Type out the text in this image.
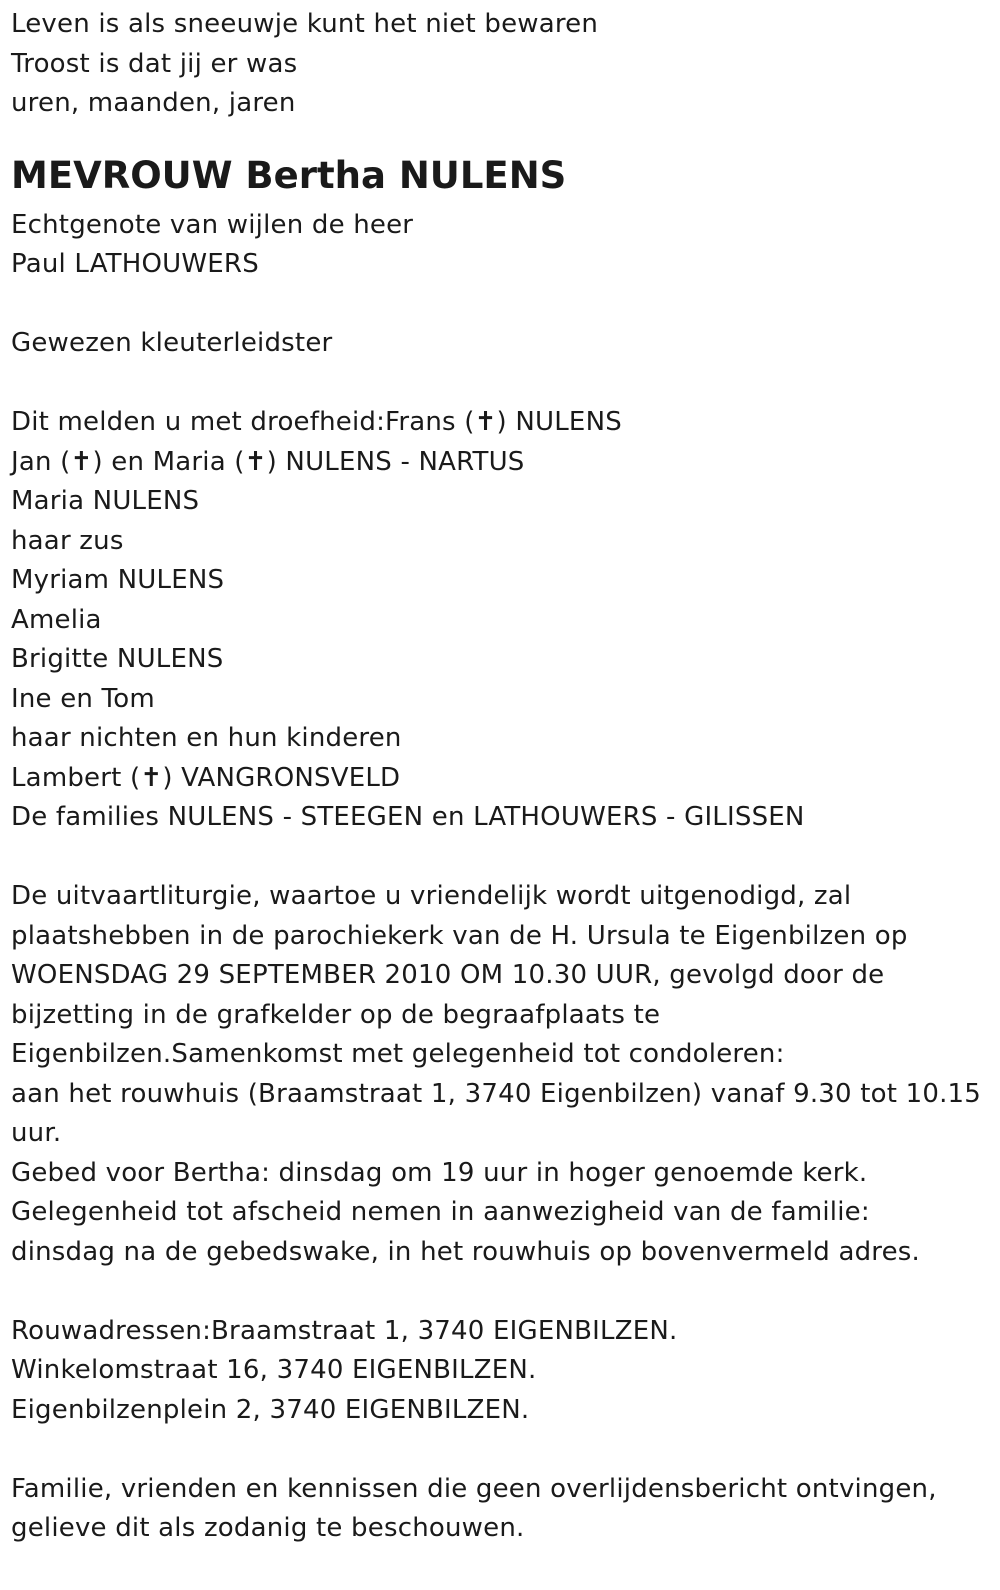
Leven is als sneeuwje kunt het niet bewaren
Troost is dat jij er was
uren, maanden, jaren
MEVROUW Bertha NULENS
Echtgenote van wijlen de heer
Paul LATHOUWERS
Gewezen kleuterleidster
Dit melden u met droefheid:Frans (✝) NULENS
Jan (✝) en Maria (✝) NULENS - NARTUS
Maria NULENS
haar zus
Myriam NULENS
Amelia
Brigitte NULENS
Ine en Tom
haar nichten en hun kinderen
Lambert (✝) VANGRONSVELD
De families NULENS - STEEGEN en LATHOUWERS - GILISSEN
De uitvaartliturgie, waartoe u vriendelijk wordt uitgenodigd, zal
plaatshebben in de parochiekerk van de H. Ursula te Eigenbilzen op
WOENSDAG 29 SEPTEMBER 2010 OM 10.30 UUR, gevolgd door de
bijzetting in de grafkelder op de begraafplaats te
Eigenbilzen.Samenkomst met gelegenheid tot condoleren:
aan het rouwhuis (Braamstraat 1, 3740 Eigenbilzen) vanaf 9.30 tot 10.15
uur.
Gebed voor Bertha: dinsdag om 19 uur in hoger genoemde kerk.
Gelegenheid tot afscheid nemen in aanwezigheid van de familie:
dinsdag na de gebedswake, in het rouwhuis op bovenvermeld adres.
Rouwadressen:Braamstraat 1, 3740 EIGENBILZEN.
Winkelomstraat 16, 3740 EIGENBILZEN.
Eigenbilzenplein 2, 3740 EIGENBILZEN.
Familie, vrienden en kennissen die geen overlijdensbericht ontvingen,
gelieve dit als zodanig te beschouwen.
